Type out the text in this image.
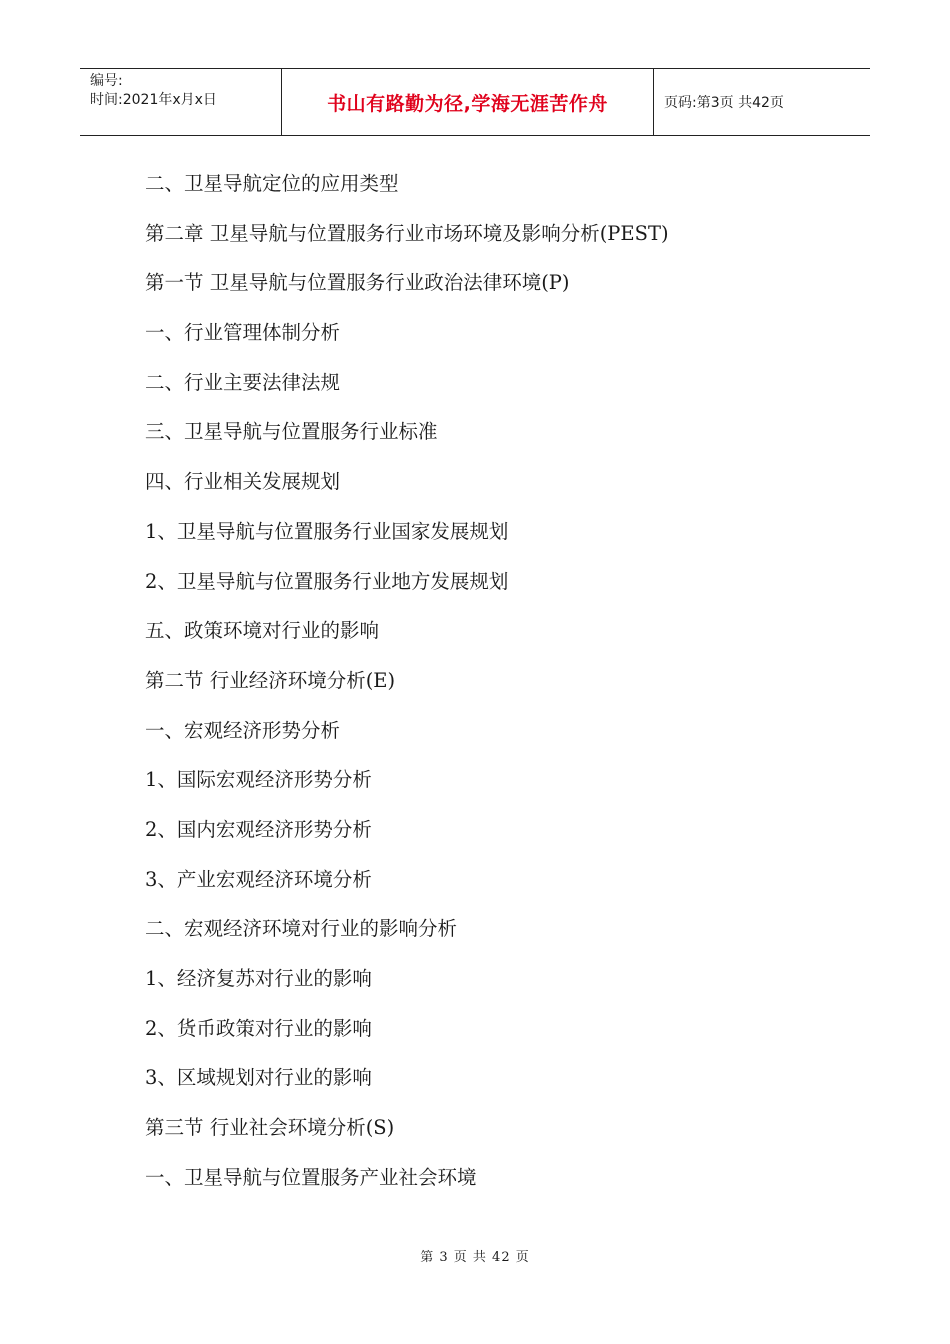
编号:
时间:2021年x月x日	书山有路勤为径,学海无涯苦作舟	页码:第3页 共42页
二、卫星导航定位的应用类型
第二章 卫星导航与位置服务行业市场环境及影响分析(PEST)
第一节 卫星导航与位置服务行业政治法律环境(P)
一、行业管理体制分析
二、行业主要法律法规
三、卫星导航与位置服务行业标准
四、行业相关发展规划
1、卫星导航与位置服务行业国家发展规划
2、卫星导航与位置服务行业地方发展规划
五、政策环境对行业的影响
第二节 行业经济环境分析(E)
一、宏观经济形势分析
1、国际宏观经济形势分析
2、国内宏观经济形势分析
3、产业宏观经济环境分析
二、宏观经济环境对行业的影响分析
1、经济复苏对行业的影响
2、货币政策对行业的影响
3、区域规划对行业的影响
第三节 行业社会环境分析(S)
一、卫星导航与位置服务产业社会环境
第 3 页 共 42 页
